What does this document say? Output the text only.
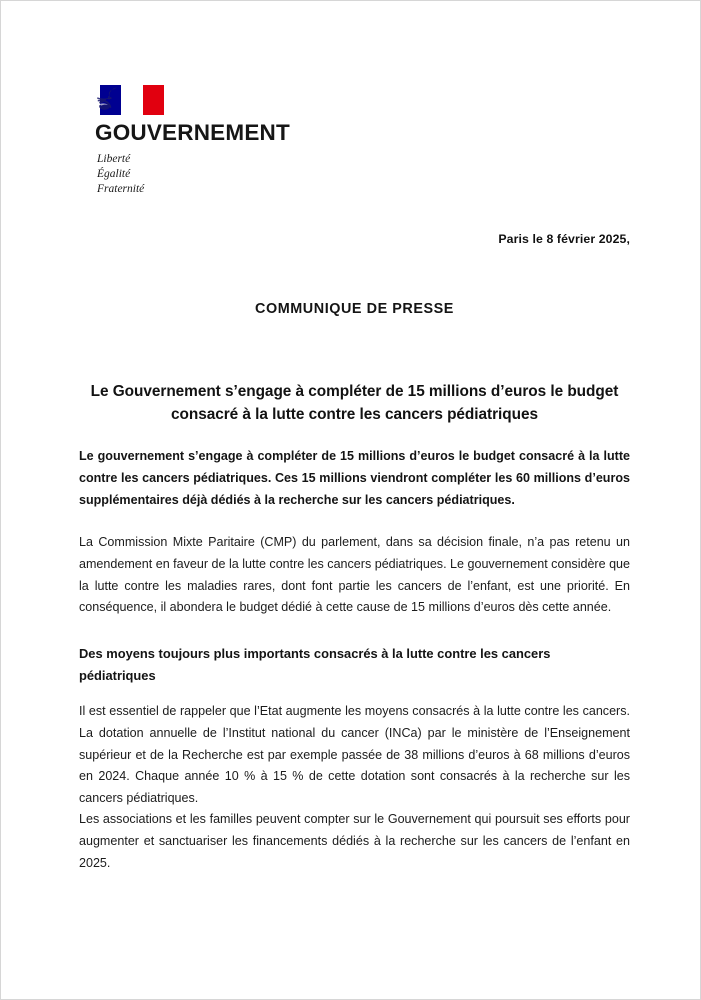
GOUVERNEMENT
Liberté
Égalité
Fraternité
Paris le 8 février 2025,
COMMUNIQUE DE PRESSE
Le Gouvernement s’engage à compléter de 15 millions d’euros le budget consacré à la lutte contre les cancers pédiatriques
Le gouvernement s’engage à compléter de 15 millions d’euros le budget consacré à la lutte contre les cancers pédiatriques. Ces 15 millions viendront compléter les 60 millions d’euros supplémentaires déjà dédiés à la recherche sur les cancers pédiatriques.
La Commission Mixte Paritaire (CMP) du parlement, dans sa décision finale, n’a pas retenu un amendement en faveur de la lutte contre les cancers pédiatriques. Le gouvernement considère que la lutte contre les maladies rares, dont font partie les cancers de l’enfant, est une priorité. En conséquence, il abondera le budget dédié à cette cause de 15 millions d’euros dès cette année.
Des moyens toujours plus importants consacrés à la lutte contre les cancers pédiatriques
Il est essentiel de rappeler que l’Etat augmente les moyens consacrés à la lutte contre les cancers. La dotation annuelle de l’Institut national du cancer (INCa) par le ministère de l’Enseignement supérieur et de la Recherche est par exemple passée de 38 millions d’euros à 68 millions d’euros en 2024. Chaque année 10 % à 15 % de cette dotation sont consacrés à la recherche sur les cancers pédiatriques.
Les associations et les familles peuvent compter sur le Gouvernement qui poursuit ses efforts pour augmenter et sanctuariser les financements dédiés à la recherche sur les cancers de l’enfant en 2025.
